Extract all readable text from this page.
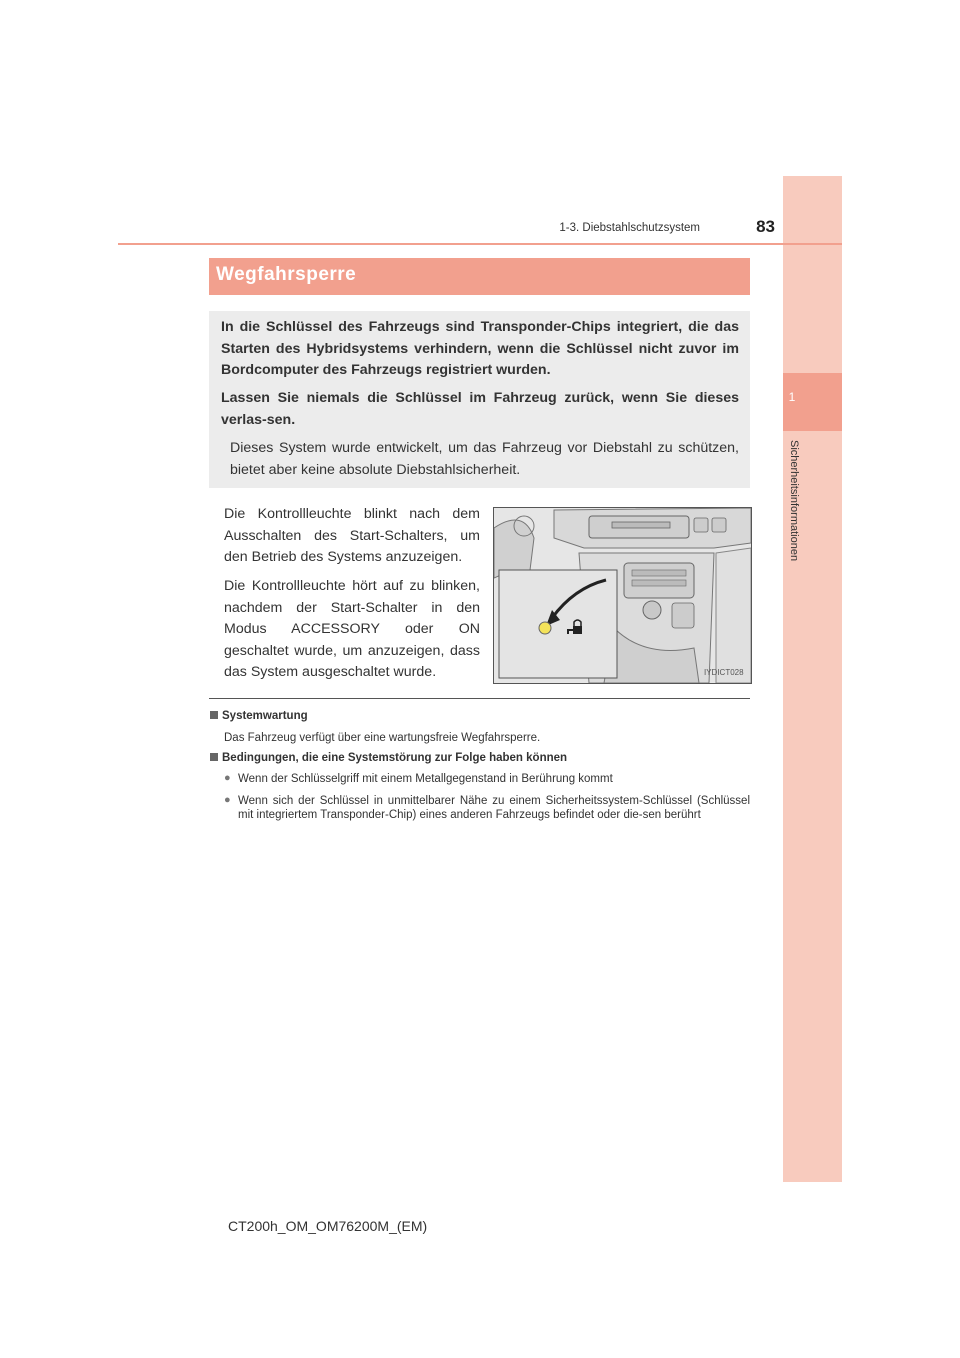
1
Sicherheitsinformationen
1-3. Diebstahlschutzsystem	83
Wegfahrsperre

In die Schlüssel des Fahrzeugs sind Transponder-Chips integriert, die das Starten des Hybridsystems verhindern, wenn die Schlüssel nicht zuvor im Bordcomputer des Fahrzeugs registriert wurden.

Lassen Sie niemals die Schlüssel im Fahrzeug zurück, wenn Sie dieses verlas-sen.

Dieses System wurde entwickelt, um das Fahrzeug vor Diebstahl zu schützen, bietet aber keine absolute Diebstahlsicherheit.

Die Kontrollleuchte blinkt nach dem Ausschalten des Start-Schalters, um den Betrieb des Systems anzuzeigen.

Die Kontrollleuchte hört auf zu blinken, nachdem der Start-Schalter in den Modus ACCESSORY oder ON geschaltet wurde, um anzuzeigen, dass das System ausgeschaltet wurde.	IYDICT028
Systemwartung

Das Fahrzeug verfügt über eine wartungsfreie Wegfahrsperre.

Bedingungen, die eine Systemstörung zur Folge haben können
● Wenn der Schlüsselgriff mit einem Metallgegenstand in Berührung kommt

● Wenn sich der Schlüssel in unmittelbarer Nähe zu einem Sicherheitssystem-Schlüssel (Schlüssel mit integriertem Transponder-Chip) eines anderen Fahrzeugs befindet oder die-sen berührt

CT200h_OM_OM76200M_(EM)
